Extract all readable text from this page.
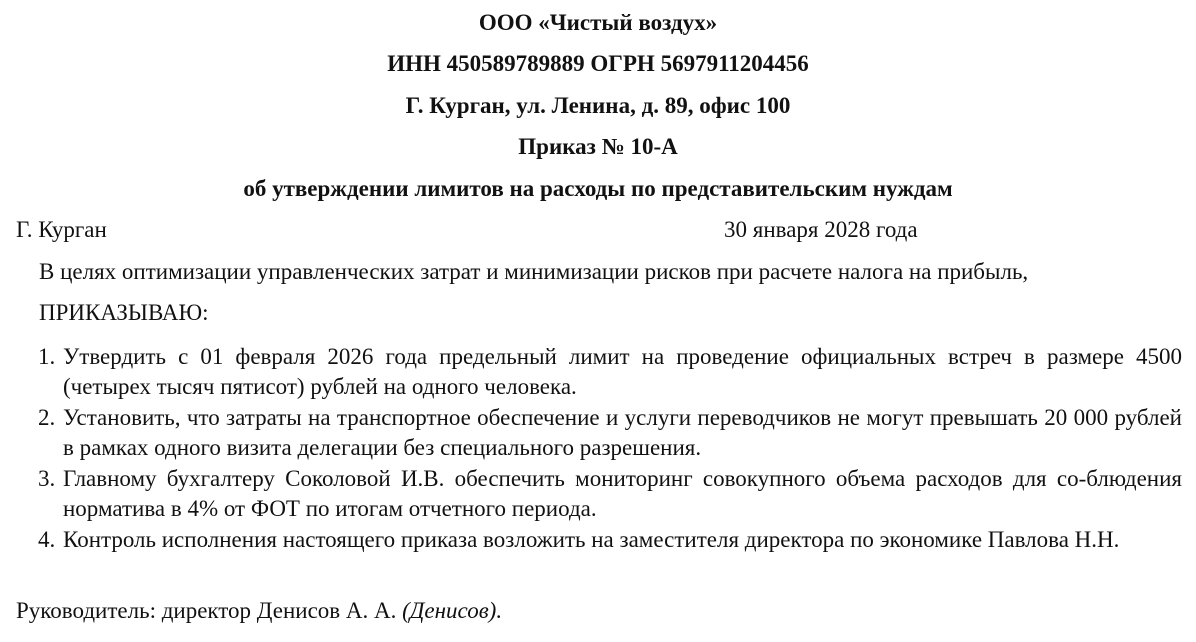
ООО «Чистый воздух»
ИНН 450589789889 ОГРН 5697911204456
Г. Курган, ул. Ленина, д. 89, офис 100
Приказ № 10-А
об утверждении лимитов на расходы по представительским нуждам
Г. Курган	30 января 2028 года
В целях оптимизации управленческих затрат и минимизации рисков при расчете налога на прибыль,
ПРИКАЗЫВАЮ:

1. Утвердить с 01 февраля 2026 года предельный лимит на проведение официальных встреч в размере 4500 (четырех тысяч пятисот) рублей на одного человека.

2. Установить, что затраты на транспортное обеспечение и услуги переводчиков не могут превышать 20 000 рублей в рамках одного визита делегации без специального разрешения.

3. Главному бухгалтеру Соколовой И.В. обеспечить мониторинг совокупного объема расходов для со-блюдения норматива в 4% от ФОТ по итогам отчетного периода.

4. Контроль исполнения настоящего приказа возложить на заместителя директора по экономике Павлова Н.Н.

Руководитель: директор Денисов А. А. (Денисов).
